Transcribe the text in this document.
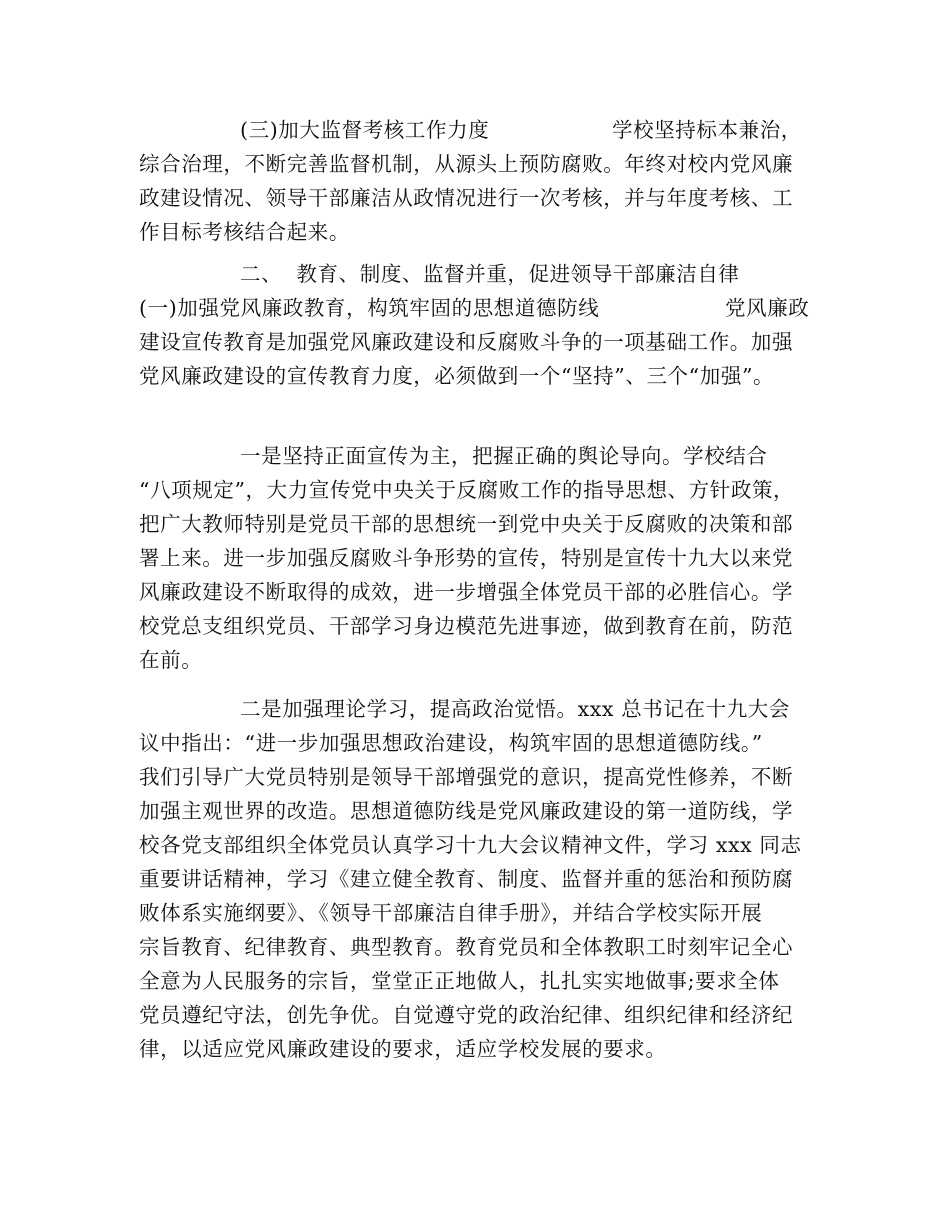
(三)加大监督考核工作力度	学校坚持标本兼治，
综合治理，不断完善监督机制，从源头上预防腐败。年终对校内党风廉
政建设情况、领导干部廉洁从政情况进行一次考核，并与年度考核、工
作目标考核结合起来。
二、  教育、制度、监督并重，促进领导干部廉洁自律
(一)加强党风廉政教育，构筑牢固的思想道德防线	党风廉政
建设宣传教育是加强党风廉政建设和反腐败斗争的一项基础工作。加强
党风廉政建设的宣传教育力度，必须做到一个“坚持”、三个“加强”。
一是坚持正面宣传为主，把握正确的舆论导向。学校结合
“八项规定”，大力宣传党中央关于反腐败工作的指导思想、方针政策，
把广大教师特别是党员干部的思想统一到党中央关于反腐败的决策和部
署上来。进一步加强反腐败斗争形势的宣传，特别是宣传十九大以来党
风廉政建设不断取得的成效，进一步增强全体党员干部的必胜信心。学
校党总支组织党员、干部学习身边模范先进事迹，做到教育在前，防范
在前。
二是加强理论学习，提高政治觉悟。xxx 总书记在十九大会
议中指出：“进一步加强思想政治建设，构筑牢固的思想道德防线。”
我们引导广大党员特别是领导干部增强党的意识，提高党性修养，不断
加强主观世界的改造。思想道德防线是党风廉政建设的第一道防线，学
校各党支部组织全体党员认真学习十九大会议精神文件，学习 xxx 同志
重要讲话精神，学习《建立健全教育、制度、监督并重的惩治和预防腐
败体系实施纲要》、《领导干部廉洁自律手册》，并结合学校实际开展
宗旨教育、纪律教育、典型教育。教育党员和全体教职工时刻牢记全心
全意为人民服务的宗旨，堂堂正正地做人，扎扎实实地做事;要求全体
党员遵纪守法，创先争优。自觉遵守党的政治纪律、组织纪律和经济纪
律，以适应党风廉政建设的要求，适应学校发展的要求。
